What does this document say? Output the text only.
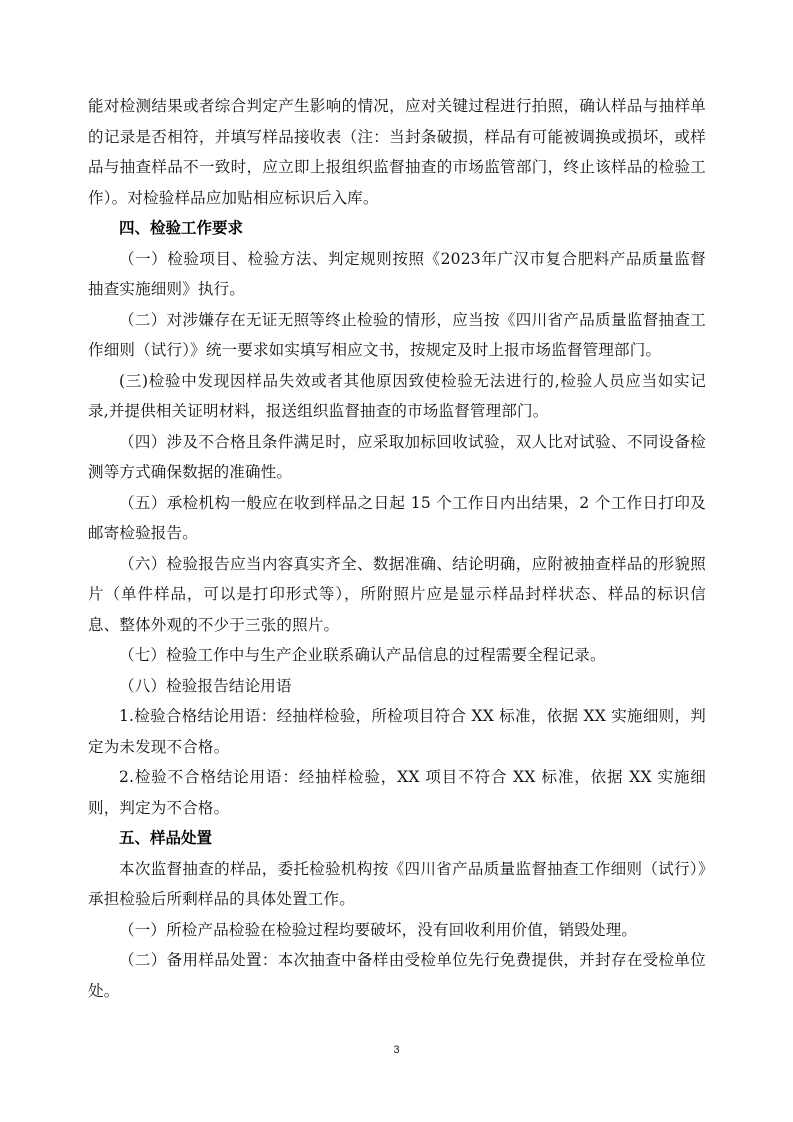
能对检测结果或者综合判定产生影响的情况，应对关键过程进行拍照，确认样品与抽样单的记录是否相符，并填写样品接收表（注：当封条破损，样品有可能被调换或损坏，或样品与抽查样品不一致时，应立即上报组织监督抽查的市场监管部门，终止该样品的检验工作）。对检验样品应加贴相应标识后入库。

四、检验工作要求

（一）检验项目、检验方法、判定规则按照《2023年广汉市复合肥料产品质量监督抽查实施细则》执行。

（二）对涉嫌存在无证无照等终止检验的情形，应当按《四川省产品质量监督抽查工作细则（试行）》统一要求如实填写相应文书，按规定及时上报市场监督管理部门。

(三)检验中发现因样品失效或者其他原因致使检验无法进行的,检验人员应当如实记录,并提供相关证明材料，报送组织监督抽查的市场监督管理部门。

（四）涉及不合格且条件满足时，应采取加标回收试验，双人比对试验、不同设备检测等方式确保数据的准确性。

（五）承检机构一般应在收到样品之日起 15 个工作日内出结果，2 个工作日打印及邮寄检验报告。

（六）检验报告应当内容真实齐全、数据准确、结论明确，应附被抽查样品的形貌照片（单件样品，可以是打印形式等），所附照片应是显示样品封样状态、样品的标识信息、整体外观的不少于三张的照片。

（七）检验工作中与生产企业联系确认产品信息的过程需要全程记录。

（八）检验报告结论用语

1.检验合格结论用语：经抽样检验，所检项目符合 XX 标准，依据 XX 实施细则，判定为未发现不合格。

2.检验不合格结论用语：经抽样检验，XX 项目不符合 XX 标准，依据 XX 实施细则，判定为不合格。

五、样品处置

本次监督抽查的样品，委托检验机构按《四川省产品质量监督抽查工作细则（试行）》承担检验后所剩样品的具体处置工作。

（一）所检产品检验在检验过程均要破坏，没有回收利用价值，销毁处理。

（二）备用样品处置：本次抽查中备样由受检单位先行免费提供，并封存在受检单位处。

3
